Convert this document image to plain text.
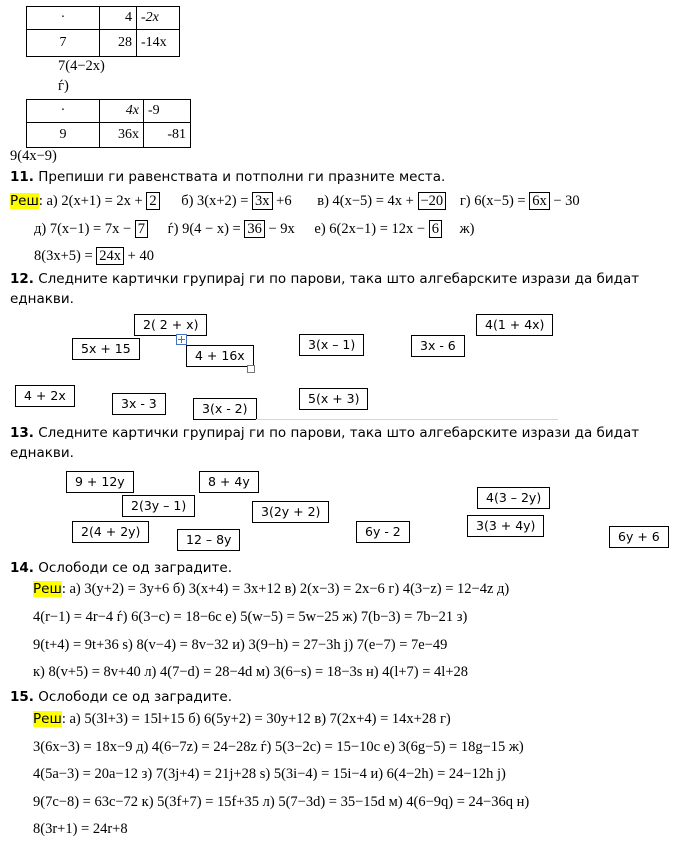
·	4	-2x
7	28	-14x
7(4−2x)
ѓ)
·	4x	-9
9	36x	-81
9(4x−9)
11. Препиши ги равенствата и потполни ги празните места.
Реш: а) 2(x+1) = 2x + 2 б) 3(x+2) = 3x +6 в) 4(x−5) = 4x + −20 г) 6(x−5) = 6x − 30
д) 7(x−1) = 7x − 7 ѓ) 9(4 − x) = 36 − 9x е) 6(2x−1) = 12x − 6 ж)
8(3x+5) = 24x + 40
12. Следните картички групирај ги по парови, така што алгебарските изрази да бидат
еднакви.
2( 2 + x)	4(1 + 4x)
5x + 15	4 + 16x
3(x – 1)	3x - 6
4 + 2x
3x - 3	3(x - 2)
5(x + 3)
13. Следните картички групирај ги по парови, така што алгебарските изрази да бидат
еднакви.
9 + 12y	8 + 4y
2(3y – 1)
4(3 – 2y)
3(2y + 2)
2(4 + 2y)
12 – 8y
6y - 2	3(3 + 4y)
6y + 6
14. Ослободи се од заградите.
Реш: а) 3(y+2) = 3y+6 б) 3(x+4) = 3x+12 в) 2(x−3) = 2x−6 г) 4(3−z) = 12−4z д)
4(r−1) = 4r−4 ѓ) 6(3−c) = 18−6c е) 5(w−5) = 5w−25 ж) 7(b−3) = 7b−21 з)
9(t+4) = 9t+36 s) 8(v−4) = 8v−32 и) 3(9−h) = 27−3h ј) 7(e−7) = 7e−49
к) 8(v+5) = 8v+40 л) 4(7−d) = 28−4d м) 3(6−s) = 18−3s н) 4(l+7) = 4l+28
15. Ослободи се од заградите.
Реш: а) 5(3l+3) = 15l+15 б) 6(5y+2) = 30y+12 в) 7(2x+4) = 14x+28 г)
3(6x−3) = 18x−9 д) 4(6−7z) = 24−28z ѓ) 5(3−2c) = 15−10c е) 3(6g−5) = 18g−15 ж)
4(5a−3) = 20a−12 з) 7(3j+4) = 21j+28 s) 5(3i−4) = 15i−4 и) 6(4−2h) = 24−12h ј)
9(7c−8) = 63c−72 к) 5(3f+7) = 15f+35 л) 5(7−3d) = 35−15d м) 4(6−9q) = 24−36q н)
8(3r+1) = 24r+8
